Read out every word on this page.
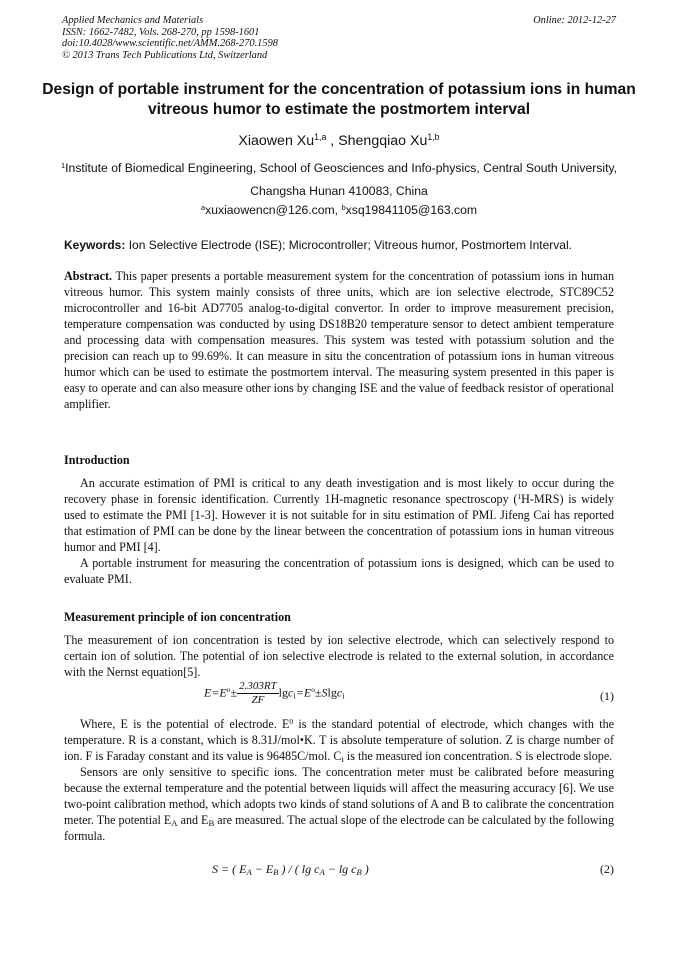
Applied Mechanics and Materials
ISSN: 1662-7482, Vols. 268-270, pp 1598-1601
doi:10.4028/www.scientific.net/AMM.268-270.1598
© 2013 Trans Tech Publications Ltd, Switzerland
Online: 2012-12-27
Design of portable instrument for the concentration of potassium ions in human vitreous humor to estimate the postmortem interval
Xiaowen Xu$^{1,a}$ , Shengqiao Xu$^{1,b}$
$^1$Institute of Biomedical Engineering, School of Geosciences and Info-physics, Central South University, Changsha Hunan 410083, China
$^a$xuxiaowencn@126.com, $^b$xsq19841105@163.com
Keywords: Ion Selective Electrode (ISE); Microcontroller; Vitreous humor, Postmortem Interval.

Abstract. This paper presents a portable measurement system for the concentration of potassium ions in human vitreous humor. This system mainly consists of three units, which are ion selective electrode, STC89C52 microcontroller and 16-bit AD7705 analog-to-digital convertor. In order to improve measurement precision, temperature compensation was conducted by using DS18B20 temperature sensor to detect ambient temperature and processing data with compensation measures. This system was tested with potassium solution and the precision can reach up to 99.69%. It can measure in situ the concentration of potassium ions in human vitreous humor which can be used to estimate the postmortem interval. The measuring system presented in this paper is easy to operate and can also measure other ions by changing ISE and the value of feedback resistor of operational amplifier.

Introduction

An accurate estimation of PMI is critical to any death investigation and is most likely to occur during the recovery phase in forensic identification. Currently 1H-magnetic resonance spectroscopy ($^1$H-MRS) is widely used to estimate the PMI [1-3]. However it is not suitable for in situ estimation of PMI. Jifeng Cai has reported that estimation of PMI can be done by the linear between the concentration of potassium ions in human vitreous humor and PMI [4].

A portable instrument for measuring the concentration of potassium ions is designed, which can be used to evaluate PMI.

Measurement principle of ion concentration

The measurement of ion concentration is tested by ion selective electrode, which can selectively respond to certain ion of solution. The potential of ion selective electrode is related to the external solution, in accordance with the Nernst equation[5].

$E=E^o\pm \frac{2.303RT}{ZF} \lg c_i=E^o\pm Slgc_i$	(1)

Where, E is the potential of electrode. $E^0$ is the standard potential of electrode, which changes with the temperature. R is a constant, which is 8.31J/mol•K. T is absolute temperature of solution. Z is charge number of ion. F is Faraday constant and its value is 96485C/mol. $C_i$ is the measured ion concentration. S is electrode slope.

Sensors are only sensitive to specific ions. The concentration meter must be calibrated before measuring because the external temperature and the potential between liquids will affect the measuring accuracy [6]. We use two-point calibration method, which adopts two kinds of stand solutions of A and B to calibrate the concentration meter. The potential $E_A$ and $E_B$ are measured. The actual slope of the electrode can be calculated by the following formula.

S = ( $E_A - E_B$ ) / ( $\lg c_A - \lg c_B$ )	(2)
